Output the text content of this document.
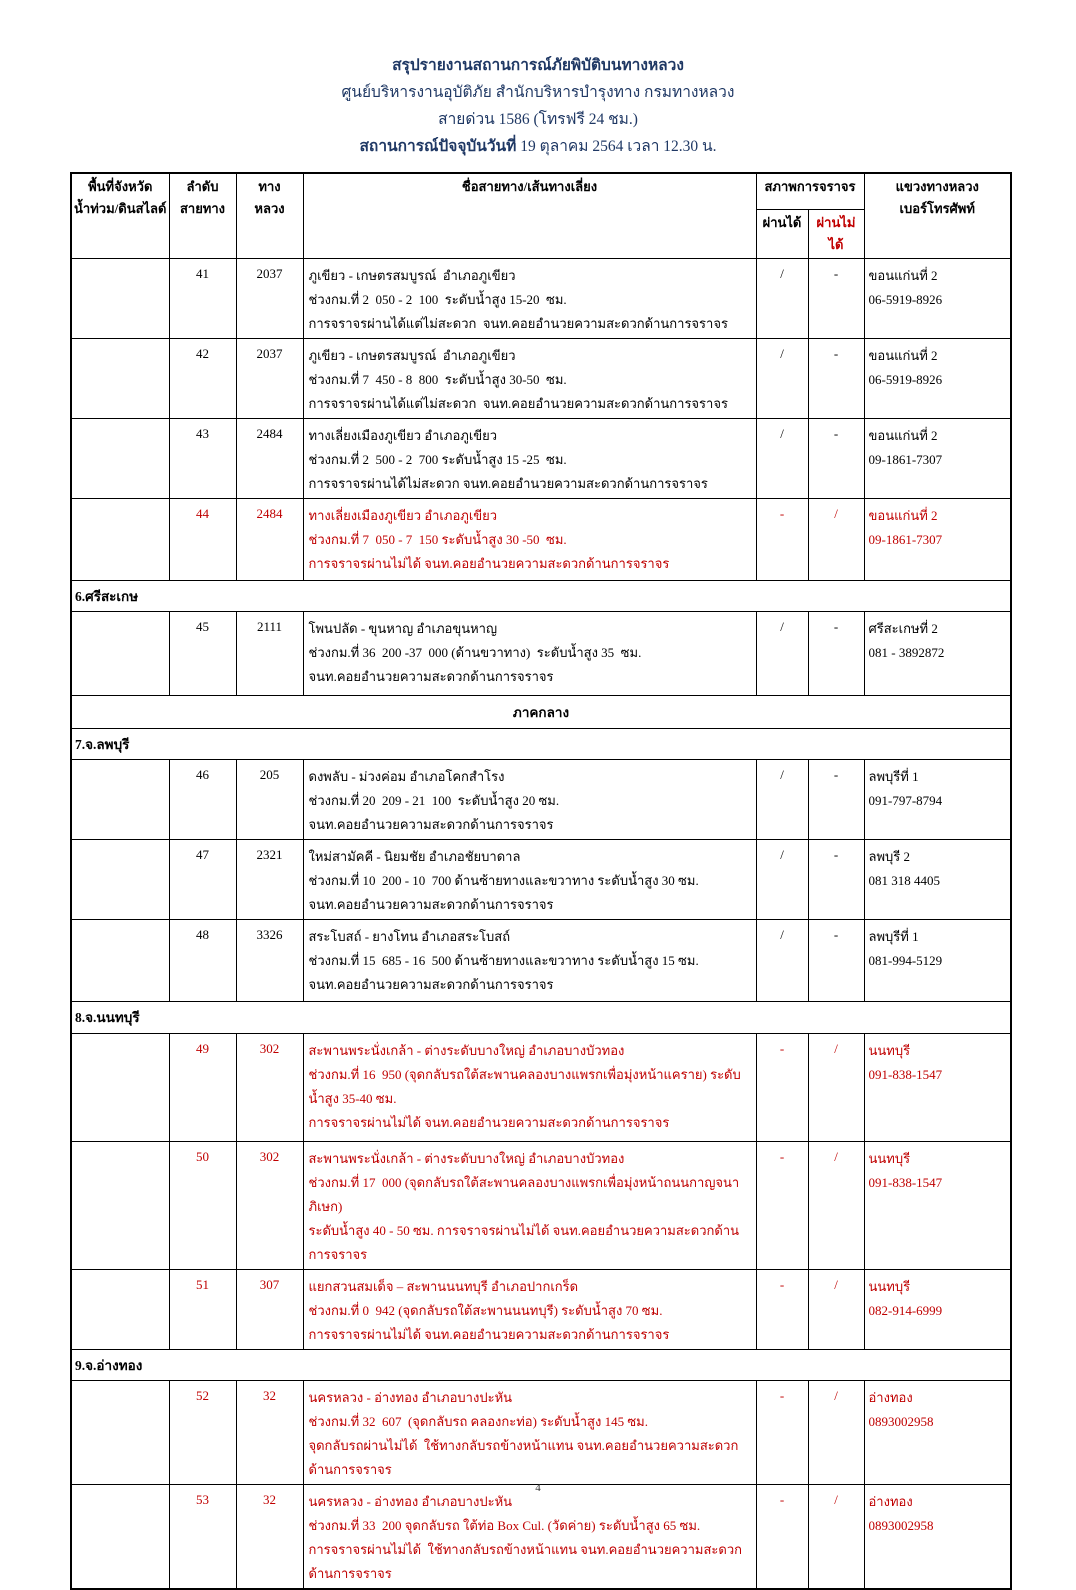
สรุปรายงานสถานการณ์ภัยพิบัติบนทางหลวง
ศูนย์บริหารงานอุบัติภัย สำนักบริหารบำรุงทาง กรมทางหลวง
สายด่วน 1586 (โทรฟรี 24 ชม.)
สถานการณ์ปัจจุบันวันที่ 19 ตุลาคม 2564 เวลา 12.30 น.
พื้นที่จังหวัด
น้ำท่วม/ดินสไลด์

ลำดับ
สายทาง

ทาง
หลวง
	ชื่อสายทาง/เส้นทางเลี่ยง	สภาพการจราจร	แขวงทางหลวง
เบอร์โทรศัพท์

				ผ่านได้	ผ่านไม่ได้	
	41	2037	ภูเขียว - เกษตรสมบูรณ์  อำเภอภูเขียว
ช่วงกม.ที่ 2  050 - 2  100  ระดับน้ำสูง 15-20  ซม.
การจราจรผ่านได้แต่ไม่สะดวก  จนท.คอยอำนวยความสะดวกด้านการจราจร
	/	-	ขอนแก่นที่ 2
06-5919-8926

	42	2037	ภูเขียว - เกษตรสมบูรณ์  อำเภอภูเขียว
ช่วงกม.ที่ 7  450 - 8  800  ระดับน้ำสูง 30-50  ซม.
การจราจรผ่านได้แต่ไม่สะดวก  จนท.คอยอำนวยความสะดวกด้านการจราจร
	/	-	ขอนแก่นที่ 2
06-5919-8926

	43	2484	ทางเลี่ยงเมืองภูเขียว อำเภอภูเขียว
ช่วงกม.ที่ 2  500 - 2  700 ระดับน้ำสูง 15 -25  ซม.
การจราจรผ่านได้ไม่สะดวก จนท.คอยอำนวยความสะดวกด้านการจราจร
	/	-	ขอนแก่นที่ 2
09-1861-7307

	44	2484	ทางเลี่ยงเมืองภูเขียว อำเภอภูเขียว
ช่วงกม.ที่ 7  050 - 7  150 ระดับน้ำสูง 30 -50  ซม.
การจราจรผ่านไม่ได้ จนท.คอยอำนวยความสะดวกด้านการจราจร
	-	/	ขอนแก่นที่ 2
09-1861-7307

6.ศรีสะเกษ						
	45	2111	โพนปลัด - ขุนหาญ อำเภอขุนหาญ
ช่วงกม.ที่ 36  200 -37  000 (ด้านขวาทาง)  ระดับน้ำสูง 35  ซม.
จนท.คอยอำนวยความสะดวกด้านการจราจร
	/	-	ศรีสะเกษที่ 2
081 - 3892872

ภาคกลาง						
7.จ.ลพบุรี						
	46	205	ดงพลับ - ม่วงค่อม อำเภอโคกสำโรง
ช่วงกม.ที่ 20  209 - 21  100  ระดับน้ำสูง 20 ซม.
จนท.คอยอำนวยความสะดวกด้านการจราจร
	/	-	ลพบุรีที่ 1
091-797-8794

	47	2321	ใหม่สามัคคี - นิยมชัย อำเภอชัยบาดาล
ช่วงกม.ที่ 10  200 - 10  700 ด้านซ้ายทางและขวาทาง ระดับน้ำสูง 30 ซม.
จนท.คอยอำนวยความสะดวกด้านการจราจร
	/	-	ลพบุรี 2
081 318 4405

	48	3326	สระโบสถ์ - ยางโทน อำเภอสระโบสถ์
ช่วงกม.ที่ 15  685 - 16  500 ด้านซ้ายทางและขวาทาง ระดับน้ำสูง 15 ซม.
จนท.คอยอำนวยความสะดวกด้านการจราจร
	/	-	ลพบุรีที่ 1
081-994-5129

8.จ.นนทบุรี						
	49	302	สะพานพระนั่งเกล้า - ต่างระดับบางใหญ่ อำเภอบางบัวทอง
ช่วงกม.ที่ 16  950 (จุดกลับรถใต้สะพานคลองบางแพรกเพื่อมุ่งหน้าแคราย) ระดับน้ำสูง 35-40 ซม.
การจราจรผ่านไม่ได้ จนท.คอยอำนวยความสะดวกด้านการจราจร
	-	/	นนทบุรี
091-838-1547

	50	302	สะพานพระนั่งเกล้า - ต่างระดับบางใหญ่ อำเภอบางบัวทอง
ช่วงกม.ที่ 17  000 (จุดกลับรถใต้สะพานคลองบางแพรกเพื่อมุ่งหน้าถนนกาญจนาภิเษก)
ระดับน้ำสูง 40 - 50 ซม. การจราจรผ่านไม่ได้ จนท.คอยอำนวยความสะดวกด้านการจราจร
	-	/	นนทบุรี
091-838-1547

	51	307	แยกสวนสมเด็จ – สะพานนนทบุรี อำเภอปากเกร็ด
ช่วงกม.ที่ 0  942 (จุดกลับรถใต้สะพานนนทบุรี) ระดับน้ำสูง 70 ซม.
การจราจรผ่านไม่ได้ จนท.คอยอำนวยความสะดวกด้านการจราจร
	-	/	นนทบุรี
082-914-6999

9.จ.อ่างทอง						
	52	32	นครหลวง - อ่างทอง อำเภอบางปะหัน
ช่วงกม.ที่ 32  607  (จุดกลับรถ คลองกะท่อ) ระดับน้ำสูง 145 ซม.
จุดกลับรถผ่านไม่ได้  ใช้ทางกลับรถข้างหน้าแทน จนท.คอยอำนวยความสะดวกด้านการจราจร
	-	/	อ่างทอง
0893002958

	53	32	นครหลวง - อ่างทอง อำเภอบางปะหัน
ช่วงกม.ที่ 33  200 จุดกลับรถ ใต้ท่อ Box Cul. (วัดค่าย) ระดับน้ำสูง 65 ซม.
การจราจรผ่านไม่ได้  ใช้ทางกลับรถข้างหน้าแทน จนท.คอยอำนวยความสะดวกด้านการจราจร
	-	/	อ่างทอง
0893002958
4
